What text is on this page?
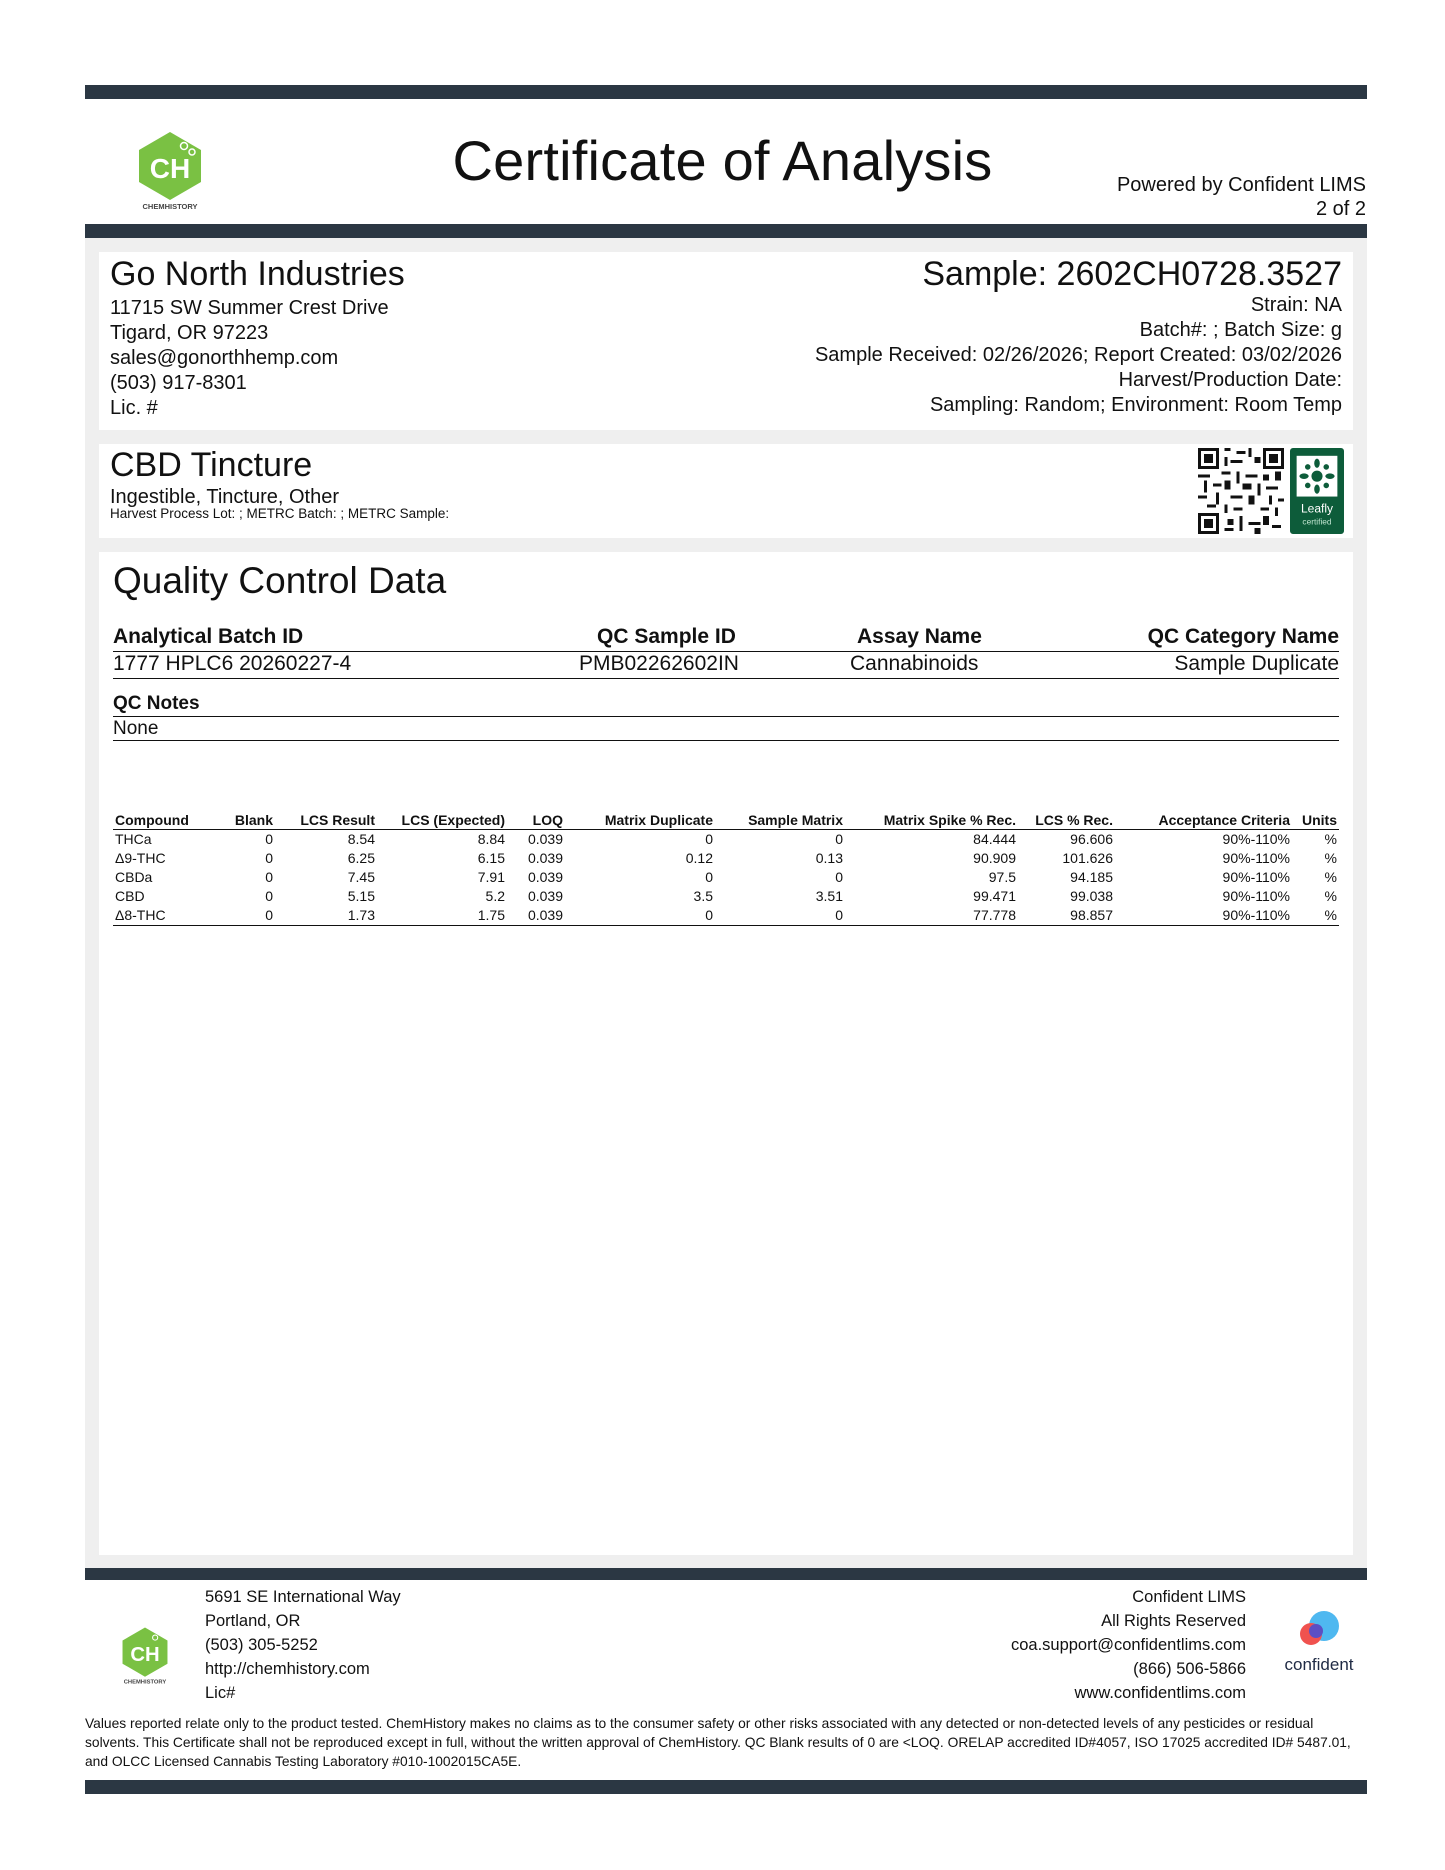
CH
CHEMHISTORY
Certificate of Analysis	Powered by Confident LIMS
2 of 2
Go North Industries
11715 SW Summer Crest Drive
Tigard, OR 97223
sales@gonorthhemp.com
(503) 917-8301
Lic. #
Sample: 2602CH0728.3527
Strain: NA
Batch#: ; Batch Size: g
Sample Received: 02/26/2026; Report Created: 03/02/2026
Harvest/Production Date:
Sampling: Random; Environment: Room Temp
CBD Tincture
Ingestible, Tincture, Other
Harvest Process Lot: ; METRC Batch: ; METRC Sample:	Leafly
certified
Quality Control Data
Analytical Batch ID	QC Sample ID	Assay Name	QC Category Name
1777 HPLC6 20260227-4	PMB02262602IN	Cannabinoids	Sample Duplicate
QC Notes
None
Compound	Blank	LCS Result	LCS (Expected)	LOQ	Matrix Duplicate	Sample Matrix	Matrix Spike % Rec.	LCS % Rec.	Acceptance Criteria	Units
THCa	0	8.54	8.84	0.039	0	0	84.444	96.606	90%-110%	%
Δ9-THC	0	6.25	6.15	0.039	0.12	0.13	90.909	101.626	90%-110%	%
CBDa	0	7.45	7.91	0.039	0	0	97.5	94.185	90%-110%	%
CBD	0	5.15	5.2	0.039	3.5	3.51	99.471	99.038	90%-110%	%
Δ8-THC	0	1.73	1.75	0.039	0	0	77.778	98.857	90%-110%	%
CH
CHEMHISTORY
5691 SE International Way
Portland, OR
(503) 305-5252
http://chemhistory.com
Lic#
Confident LIMS
All Rights Reserved
coa.support@confidentlims.com
(866) 506-5866
www.confidentlims.com
confident
Values reported relate only to the product tested. ChemHistory makes no claims as to the consumer safety or other risks associated with any detected or non-detected levels of any pesticides or residual solvents. This Certificate shall not be reproduced except in full, without the written approval of ChemHistory. QC Blank results of 0 are <LOQ. ORELAP accredited ID#4057, ISO 17025 accredited ID# 5487.01, and OLCC Licensed Cannabis Testing Laboratory #010-1002015CA5E.
